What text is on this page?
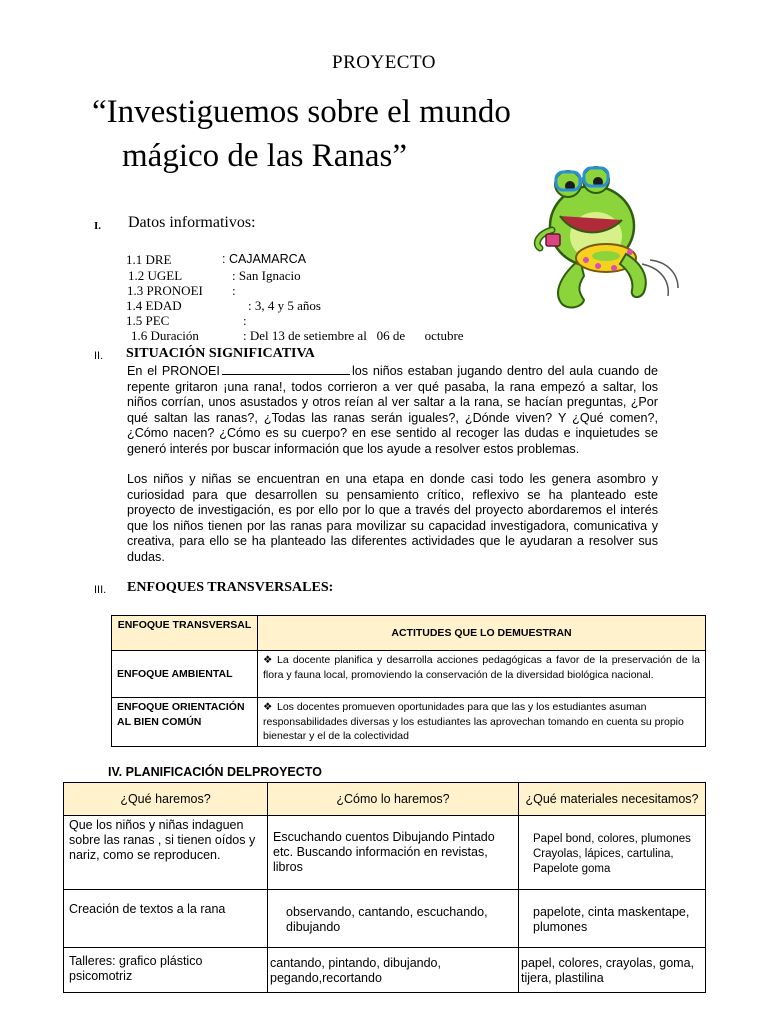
PROYECTO
“Investiguemos sobre el mundo
mágico de las Ranas”
I. Datos informativos:
1.1 DRE	: CAJAMARCA
1.2 UGEL	: San Ignacio
1.3 PRONOEI :
1.4 EDAD	: 3, 4 y 5 años
1.5 PEC	:
1.6 Duración	: Del 13 de setiembre al   06 de      octubre
II. SITUACIÓN SIGNIFICATIVA
En el PRONOEI	los niños estaban jugando dentro del aula cuando de repente gritaron ¡una rana!, todos corrieron a ver qué pasaba, la rana empezó a saltar, los niños corrían, unos asustados y otros reían al ver saltar a la rana, se hacían preguntas, ¿Por qué saltan las ranas?, ¿Todas las ranas serán iguales?, ¿Dónde viven? Y ¿Qué comen?, ¿Cómo nacen? ¿Cómo es su cuerpo? en ese sentido al recoger las dudas e inquietudes se generó interés por buscar información que los ayude a resolver estos problemas.
Los niños y niñas se encuentran en una etapa en donde casi todo les genera asombro y curiosidad para que desarrollen su pensamiento crítico, reflexivo se ha planteado este proyecto de investigación, es por ello por lo que a través del proyecto abordaremos el interés que los niños tienen por las ranas para movilizar su capacidad investigadora, comunicativa y creativa, para ello se ha planteado las diferentes actividades que le ayudaran a resolver sus dudas.
III. ENFOQUES TRANSVERSALES:
ENFOQUE TRANSVERSAL	ACTITUDES QUE LO DEMUESTRAN
ENFOQUE AMBIENTAL	❖ La docente planifica y desarrolla acciones pedagógicas a favor de la preservación de la flora y fauna local, promoviendo la conservación de la diversidad biológica nacional.
ENFOQUE ORIENTACIÓN AL BIEN COMÚN	❖ Los docentes promueven oportunidades para que las y los estudiantes asuman responsabilidades diversas y los estudiantes las aprovechan tomando en cuenta su propio bienestar y el de la colectividad
IV. PLANIFICACIÓN DELPROYECTO
¿Qué haremos?	¿Cómo lo haremos?	¿Qué materiales necesitamos?
Que los niños y niñas indaguen sobre las ranas , si tienen oídos y nariz, como se reproducen.	Escuchando cuentos Dibujando Pintado etc. Buscando información en revistas, libros	Papel bond, colores, plumones Crayolas, lápices, cartulina, Papelote goma
Creación de textos a la rana	observando, cantando, escuchando, dibujando	papelote, cinta maskentape, plumones
Talleres: grafico plástico psicomotriz	cantando, pintando, dibujando, pegando,recortando	papel, colores, crayolas, goma, tijera, plastilina
